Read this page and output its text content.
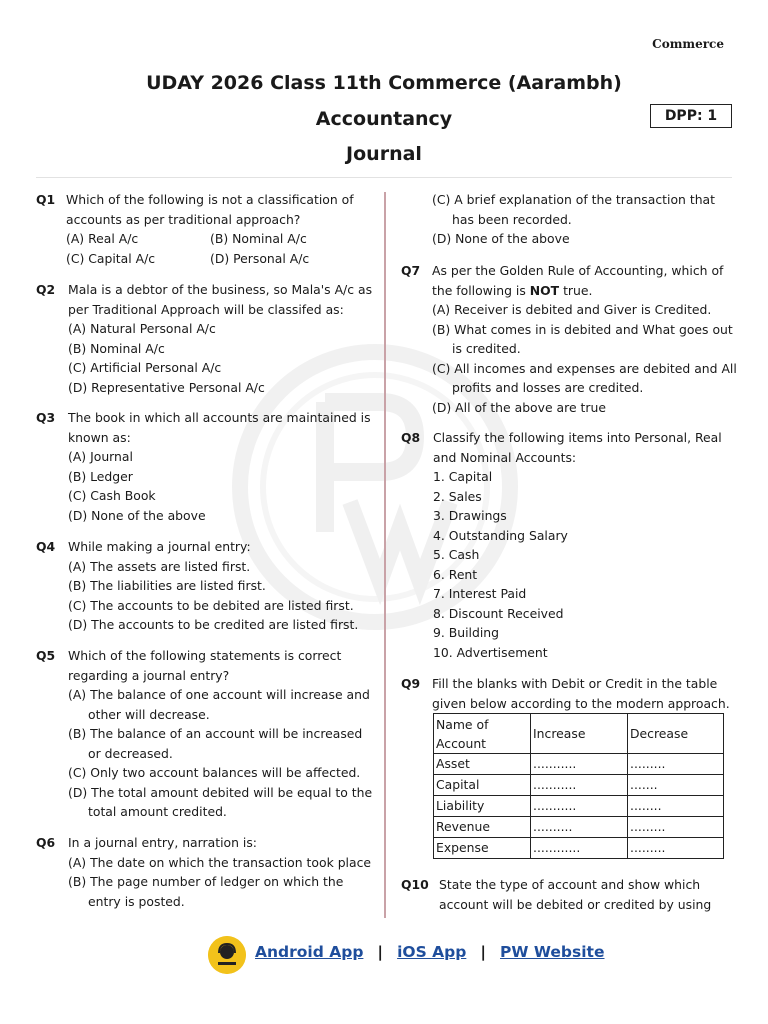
Commerce
UDAY 2026 Class 11th Commerce (Aarambh)
Accountancy
Journal
DPP: 1
Q1 Which of the following is not a classification of
accounts as per traditional approach?
(A) Real A/c	(B) Nominal A/c
(C) Capital A/c	(D) Personal A/c
Q2 Mala is a debtor of the business, so Mala's A/c as
per Traditional Approach will be classifed as:
(A) Natural Personal A/c
(B) Nominal A/c
(C) Artificial Personal A/c
(D) Representative Personal A/c
Q3 The book in which all accounts are maintained is
known as:
(A) Journal
(B) Ledger
(C) Cash Book
(D) None of the above
Q4 While making a journal entry:
(A) The assets are listed first.
(B) The liabilities are listed first.
(C) The accounts to be debited are listed first.
(D) The accounts to be credited are listed first.
Q5 Which of the following statements is correct
regarding a journal entry?
(A) The balance of one account will increase and
other will decrease.
(B) The balance of an account will be increased
or decreased.
(C) Only two account balances will be affected.
(D) The total amount debited will be equal to the
total amount credited.
Q6 In a journal entry, narration is:
(A) The date on which the transaction took place
(B) The page number of ledger on which the
entry is posted.
(C) A brief explanation of the transaction that
has been recorded.
(D) None of the above
Q7 As per the Golden Rule of Accounting, which of
the following is NOT true.
(A) Receiver is debited and Giver is Credited.
(B) What comes in is debited and What goes out
is credited.
(C) All incomes and expenses are debited and All
profits and losses are credited.
(D) All of the above are true
Q8 Classify the following items into Personal, Real
and Nominal Accounts:
1. Capital
2. Sales
3. Drawings
4. Outstanding Salary
5. Cash
6. Rent
7. Interest Paid
8. Discount Received
9. Building
10. Advertisement
Q9 Fill the blanks with Debit or Credit in the table
given below according to the modern approach.
Name of
Account	Increase	Decrease
Asset	...........	.........
Capital	...........	.......
Liability	...........	........
Revenue	..........	.........
Expense	............	.........
Q10 State the type of account and show which
account will be debited or credited by using
Android App | iOS App | PW Website
